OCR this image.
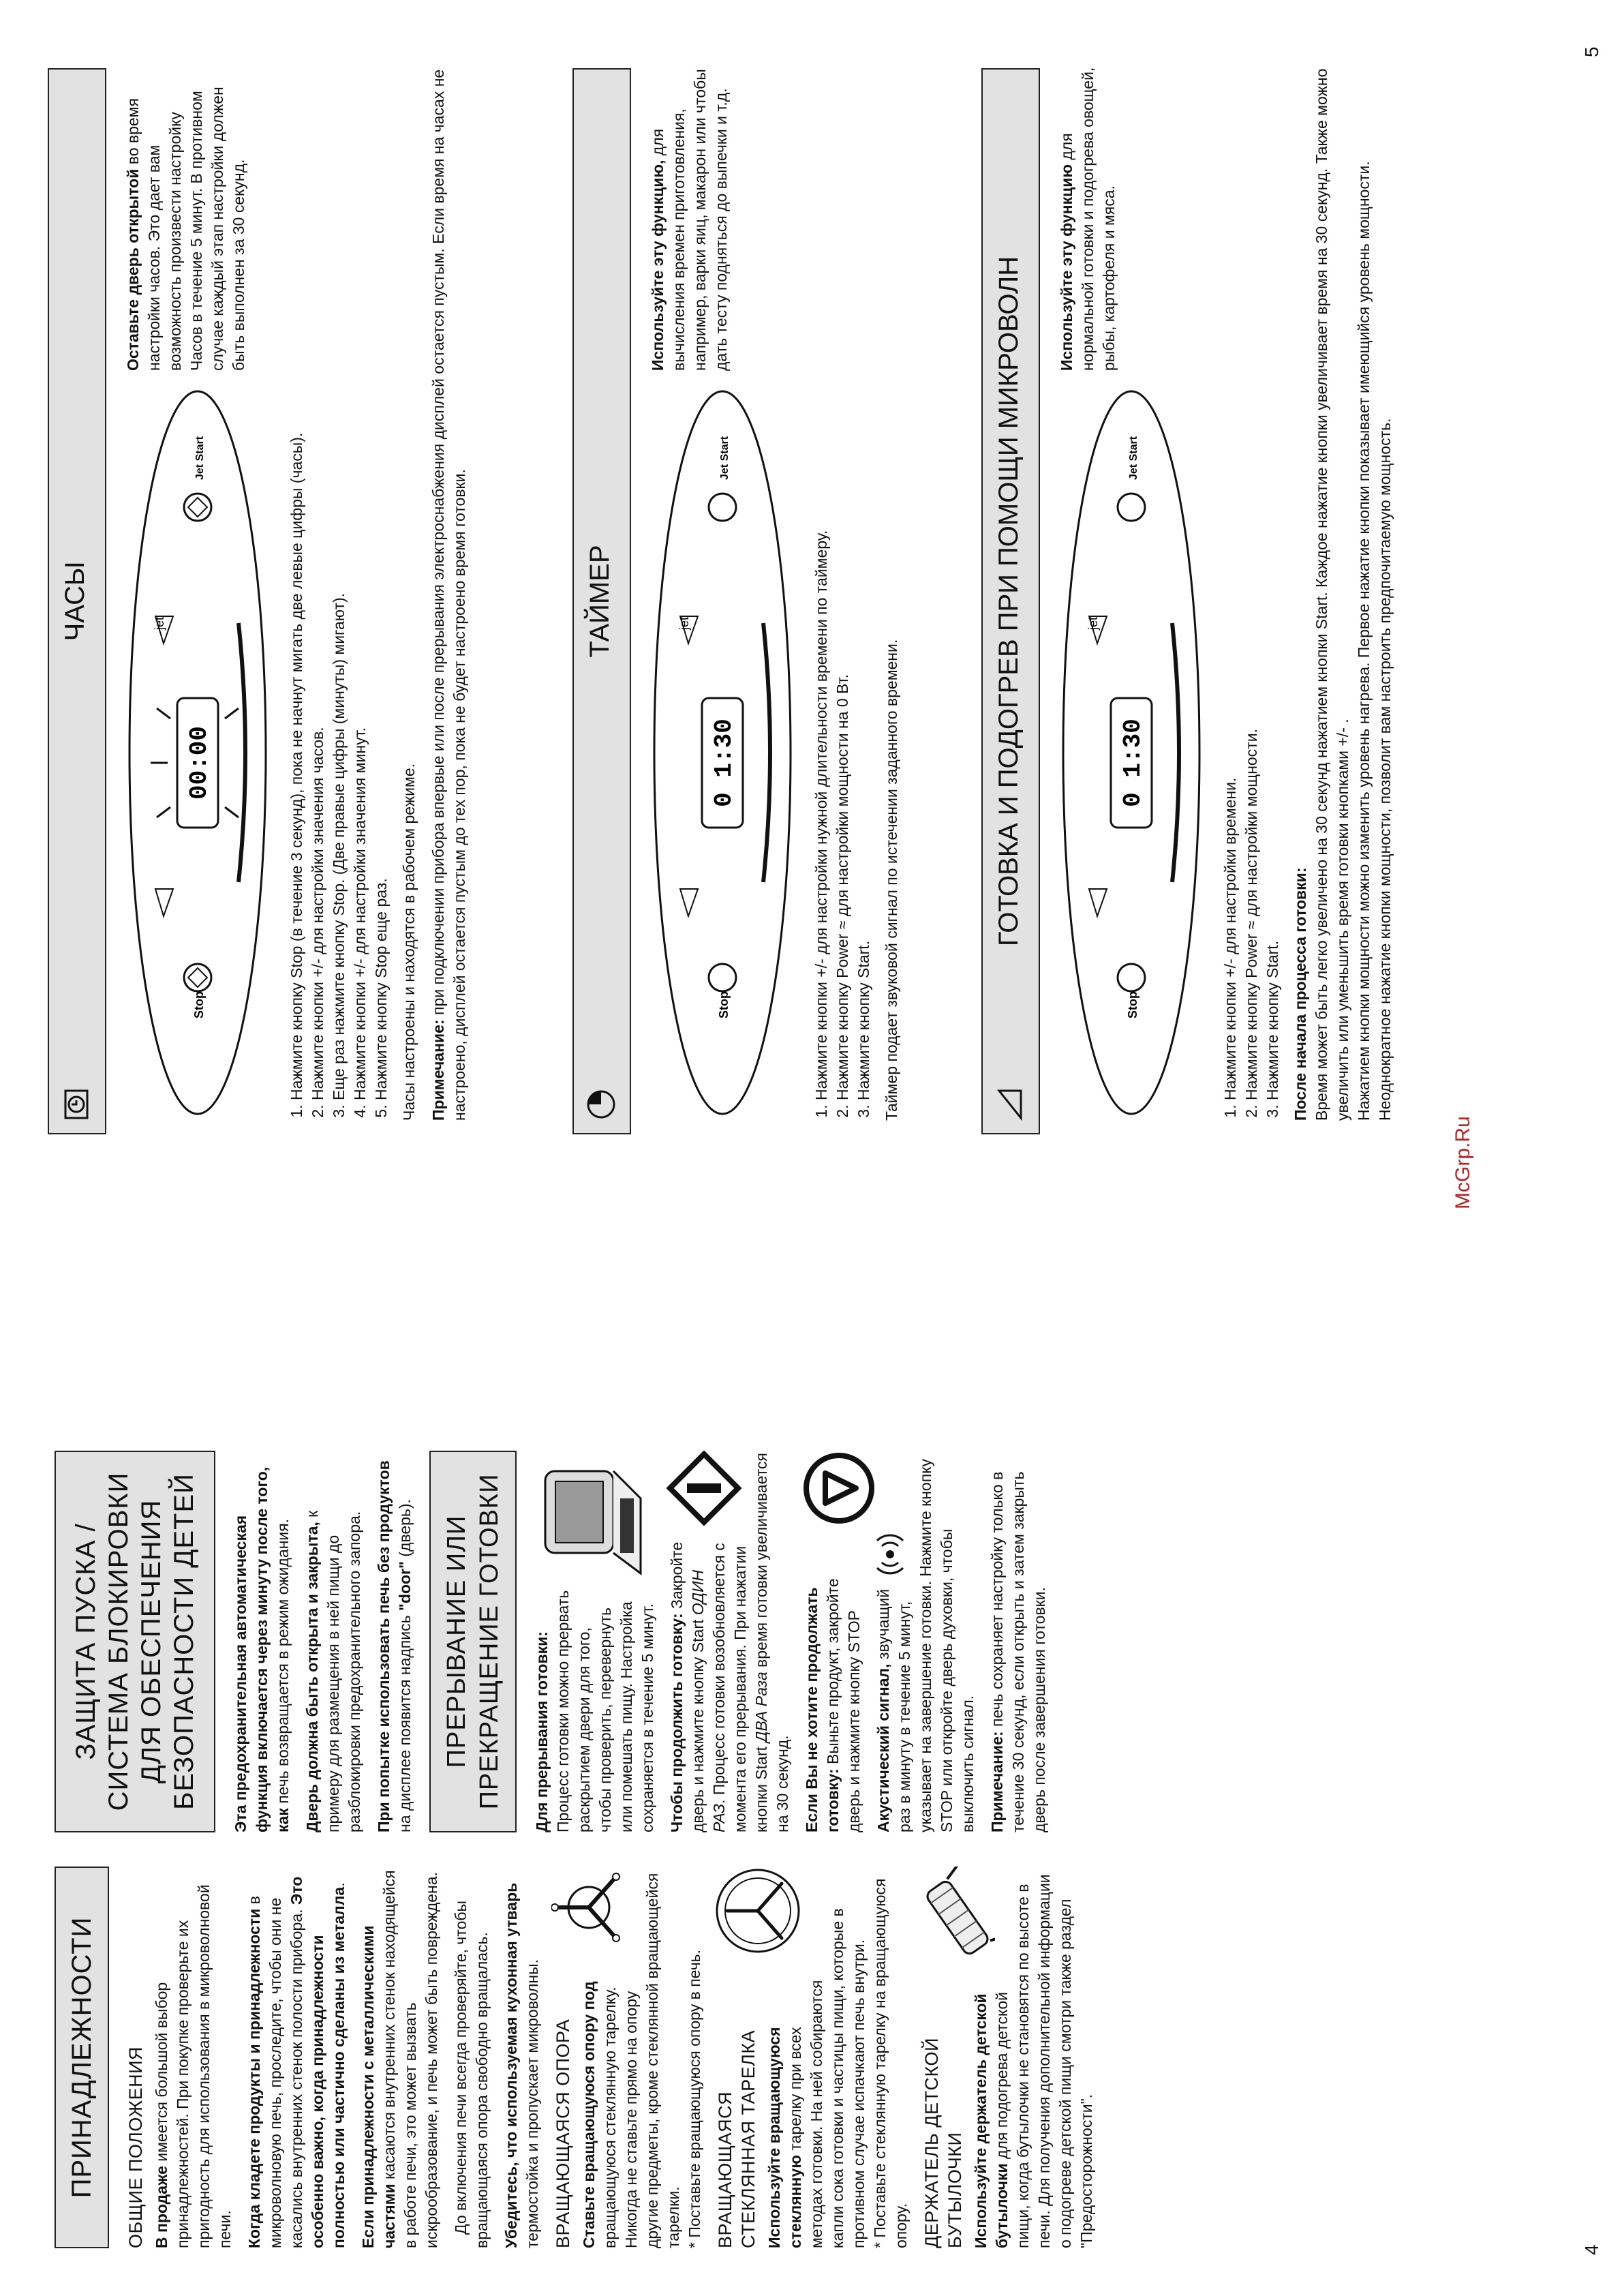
ПРИНАДЛЕЖНОСТИ	ОБЩИЕ ПОЛОЖЕНИЯ В продаже имеется большой выбор принадлежностей. При покупке проверьте их пригодность для использования в микроволновой печи. Когда кладете продукты и принадлежности в микроволновую печь, проследите, чтобы они не касались внутренних стенок полости прибора. Это особенно важно, когда принадлежности полностью или частично сделаны из металла.

Если принадлежности с металлическими частями касаются внутренних стенок находящейся в работе печи, это может вызвать искрообразование, и печь может быть повреждена. До включения печи всегда проверяйте, чтобы вращающаяся опора свободно вращалась. Убедитесь, что используемая кухонная утварь термостойка и пропускает микроволны. ВРАЩАЮЩАЯСЯ ОПОРА Ставьте вращающуюся опору под вращающуюся стеклянную тарелку. Никогда не ставьте прямо на опору другие предметы, кроме стеклянной вращающейся тарелки. * Поставьте вращающуюся опору в печь. ВРАЩАЮЩАЯСЯ СТЕКЛЯННАЯ ТАРЕЛКА Используйте вращающуюся стеклянную тарелку при всех методах готовки. На ней собираются капли сока готовки и частицы пищи, которые в противном случае испачкают печь внутри. * Поставьте стеклянную тарелку на вращающуюся опору. ДЕРЖАТЕЛЬ ДЕТСКОЙ БУТЫЛОЧКИ Используйте держатель детской бутылочки для подогрева детской пищи, когда бутылочки не становятся по высоте в печи. Для получения дополнительной информации о подогреве детской пищи смотри также раздел "Предосторожности".

ЗАЩИТА ПУСКА / СИСТЕМА БЛОКИРОВКИ ДЛЯ ОБЕСПЕЧЕНИЯ БЕЗОПАСНОСТИ ДЕТЕЙ	Эта предохранительная автоматическая функция включается через минуту после того, как печь возвращается в режим ожидания. Дверь должна быть открыта и закрыта, к примеру для размещения в ней пищи до разблокировки предохранительного запора. При попытке использовать печь без продуктов на дисплее появится надпись "door" (дверь).	ПРЕРЫВАНИЕ ИЛИ ПРЕКРАЩЕНИЕ ГОТОВКИ	Для прерывания готовки: Процесс готовки можно прервать раскрытием двери для того, чтобы проверить, перевернуть или помешать пищу. Настройка сохраняется в течение 5 минут. Чтобы продолжить готовку: Закройте дверь и нажмите кнопку Start ОДИН РАЗ. Процесс готовки возобновляется с момента его прерывания. При нажатии кнопки Start ДВА Раза время готовки увеличивается на 30 секунд. Если Вы не хотите продолжать готовку: Выньте продукт, закройте дверь и нажмите кнопку STOP Акустический сигнал, звучащий раз в минуту в течение 5 минут, указывает на завершение готовки. Нажмите кнопку STOP или откройте дверь духовки, чтобы выключить сигнал. Примечание: печь сохраняет настройку только в течение 30 секунд, если открыть и затем закрыть дверь после завершения готовки.

4
McGrp.Ru
ЧАСЫ
Stop
00:00
jet
Jet Start

Оставьте дверь открытой во время настройки часов. Это дает вам возможность произвести настройку Часов в течение 5 минут. В противном случае каждый этап настройки должен быть выполнен за 30 секунд.

1. Нажмите кнопку Stop (в течение 3 секунд), пока не начнут мигать две левые цифры (часы). 2. Нажмите кнопки +/- для настройки значения часов. 3. Еще раз нажмите кнопку Stop. (Две правые цифры (минуты) мигают). 4. Нажмите кнопки +/- для настройки значения минут. 5. Нажмите кнопку Stop еще раз. Часы настроены и находятся в рабочем режиме. Примечание: при подключении прибора впервые или после прерывания электроснабжения дисплей остается пустым. Если время на часах не настроено, дисплей остается пустым до тех пор, пока не будет настроено время готовки.	ТАЙМЕР
Stop
0 1:30
jet
Jet Start

Используйте эту функцию, для вычисления времен приготовления, например, варки яиц, макарон или чтобы дать тесту подняться до выпечки и т.д.

1. Нажмите кнопки +/- для настройки нужной длительности времени по таймеру. 2. Нажмите кнопку Power ≈ для настройки мощности на 0 Вт. 3. Нажмите кнопку Start. Таймер подает звуковой сигнал по истечении заданного времени.	ГОТОВКА И ПОДОГРЕВ ПРИ ПОМОЩИ МИКРОВОЛН
Stop
0 1:30
jet
Jet Start

Используйте эту функцию для нормальной готовки и подогрева овощей, рыбы, картофеля и мяса.

1. Нажмите кнопки +/- для настройки времени. 2. Нажмите кнопку Power ≈ для настройки мощности. 3. Нажмите кнопку Start. После начала процесса готовки: Время может быть легко увеличено на 30 секунд нажатием кнопки Start. Каждое нажатие кнопки увеличивает время на 30 секунд. Также можно увеличить или уменьшить время готовки кнопками +/- . Нажатием кнопки мощности можно изменить уровень нагрева. Первое нажатие кнопки показывает имеющийся уровень мощности. Неоднократное нажатие кнопки мощности, позволит вам настроить предпочитаемую мощность.

5
